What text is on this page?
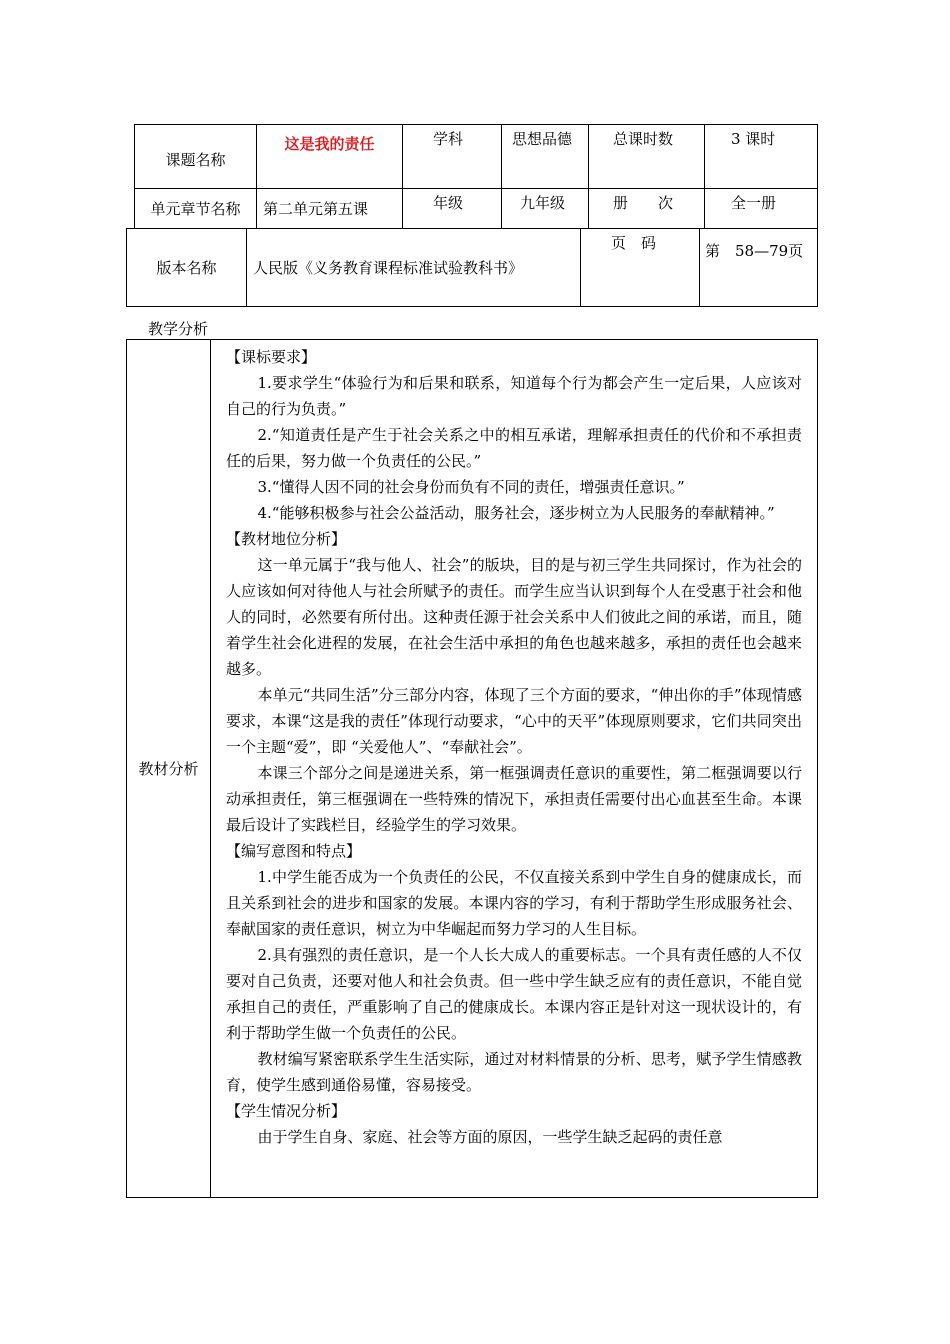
课题名称	这是我的责任	学科	思想品德	总课时数	3 课时
单元章节名称	第二单元第五课	年级	九年级	册　　次	全一册
版本名称	人民版《义务教育课程标准试验教科书》	页　码	第　58—79页
教学分析
教材分析	

【课标要求】

1.要求学生“体验行为和后果和联系，知道每个行为都会产生一定后果，人应该对自己的行为负责。”

2.“知道责任是产生于社会关系之中的相互承诺，理解承担责任的代价和不承担责任的后果，努力做一个负责任的公民。”

3.“懂得人因不同的社会身份而负有不同的责任，增强责任意识。”

4.“能够积极参与社会公益活动，服务社会，逐步树立为人民服务的奉献精神。”

【教材地位分析】

这一单元属于“我与他人、社会”的版块，目的是与初三学生共同探讨，作为社会的人应该如何对待他人与社会所赋予的责任。而学生应当认识到每个人在受惠于社会和他人的同时，必然要有所付出。这种责任源于社会关系中人们彼此之间的承诺，而且，随着学生社会化进程的发展，在社会生活中承担的角色也越来越多，承担的责任也会越来越多。

本单元“共同生活”分三部分内容，体现了三个方面的要求，“伸出你的手”体现情感要求，本课“这是我的责任”体现行动要求，“心中的天平”体现原则要求，它们共同突出一个主题“爱”，即 “关爱他人”、“奉献社会”。

本课三个部分之间是递进关系，第一框强调责任意识的重要性，第二框强调要以行动承担责任，第三框强调在一些特殊的情况下，承担责任需要付出心血甚至生命。本课最后设计了实践栏目，经验学生的学习效果。

【编写意图和特点】

1.中学生能否成为一个负责任的公民，不仅直接关系到中学生自身的健康成长，而且关系到社会的进步和国家的发展。本课内容的学习，有利于帮助学生形成服务社会、奉献国家的责任意识，树立为中华崛起而努力学习的人生目标。

2.具有强烈的责任意识，是一个人长大成人的重要标志。一个具有责任感的人不仅要对自己负责，还要对他人和社会负责。但一些中学生缺乏应有的责任意识，不能自觉承担自己的责任，严重影响了自己的健康成长。本课内容正是针对这一现状设计的，有利于帮助学生做一个负责任的公民。

教材编写紧密联系学生生活实际，通过对材料情景的分析、思考，赋予学生情感教育，使学生感到通俗易懂，容易接受。

【学生情况分析】

由于学生自身、家庭、社会等方面的原因，一些学生缺乏起码的责任意
